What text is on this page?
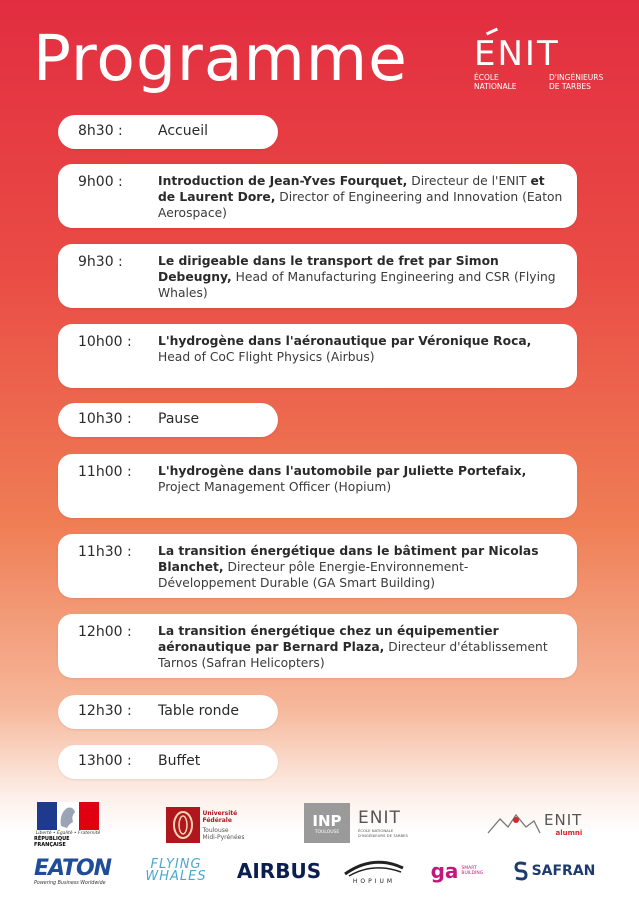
Programme ENIT
ÉCOLE
NATIONALE
D'INGÉNIEURS
DE TARBES
8h30 :	Accueil
9h00 :	Introduction de Jean-Yves Fourquet, Directeur de l'ENIT et de Laurent Dore, Director of Engineering and Innovation (Eaton Aerospace)
9h30 :	Le dirigeable dans le transport de fret par Simon Debeugny, Head of Manufacturing Engineering and CSR (Flying Whales)
10h00 :	L'hydrogène dans l'aéronautique par Véronique Roca, Head of CoC Flight Physics (Airbus)
10h30 :	Pause
11h00 :	L'hydrogène dans l'automobile par Juliette Portefaix, Project Management Officer (Hopium)
11h30 :	La transition énergétique dans le bâtiment par Nicolas Blanchet, Directeur pôle Energie-Environnement-Développement Durable (GA Smart Building)
12h00 :	La transition énergétique chez un équipementier aéronautique par Bernard Plaza, Directeur d'établissement Tarnos (Safran Helicopters)
12h30 :	Table ronde
13h00 :	Buffet
Liberté • Égalité • Fraternité
RÉPUBLIQUE FRANÇAISE
Université
Fédérale
Toulouse
Midi-Pyrénées
INP
TOULOUSE
ENIT
ÉCOLE NATIONALE
D'INGÉNIEURS DE TARBES
ENIT
alumni
EATON
Powering Business Worldwide
FLYING WHALES	AIRBUS	HOPIUM ga SMART BUILDING	SAFRAN
